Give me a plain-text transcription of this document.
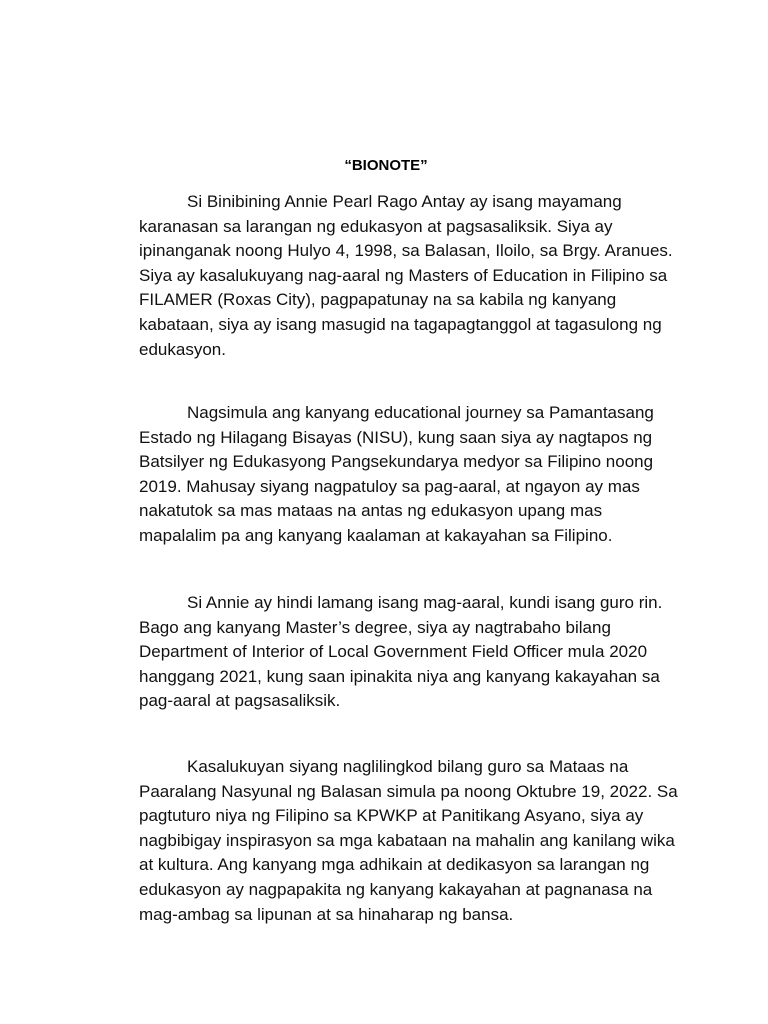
“BIONOTE”

Si Binibining Annie Pearl Rago Antay ay isang mayamang karanasan sa larangan ng edukasyon at pagsasaliksik. Siya ay ipinanganak noong Hulyo 4, 1998, sa Balasan, Iloilo, sa Brgy. Aranues. Siya ay kasalukuyang nag-aaral ng Masters of Education in Filipino sa FILAMER (Roxas City), pagpapatunay na sa kabila ng kanyang kabataan, siya ay isang masugid na tagapagtanggol at tagasulong ng edukasyon.

Nagsimula ang kanyang educational journey sa Pamantasang Estado ng Hilagang Bisayas (NISU), kung saan siya ay nagtapos ng Batsilyer ng Edukasyong Pangsekundarya medyor sa Filipino noong 2019. Mahusay siyang nagpatuloy sa pag-aaral, at ngayon ay mas nakatutok sa mas mataas na antas ng edukasyon upang mas mapalalim pa ang kanyang kaalaman at kakayahan sa Filipino.

Si Annie ay hindi lamang isang mag-aaral, kundi isang guro rin. Bago ang kanyang Master’s degree, siya ay nagtrabaho bilang Department of Interior of Local Government Field Officer mula 2020 hanggang 2021, kung saan ipinakita niya ang kanyang kakayahan sa pag-aaral at pagsasaliksik.

Kasalukuyan siyang naglilingkod bilang guro sa Mataas na Paaralang Nasyunal ng Balasan simula pa noong Oktubre 19, 2022. Sa pagtuturo niya ng Filipino sa KPWKP at Panitikang Asyano, siya ay nagbibigay inspirasyon sa mga kabataan na mahalin ang kanilang wika at kultura. Ang kanyang mga adhikain at dedikasyon sa larangan ng edukasyon ay nagpapakita ng kanyang kakayahan at pagnanasa na mag-ambag sa lipunan at sa hinaharap ng bansa.
